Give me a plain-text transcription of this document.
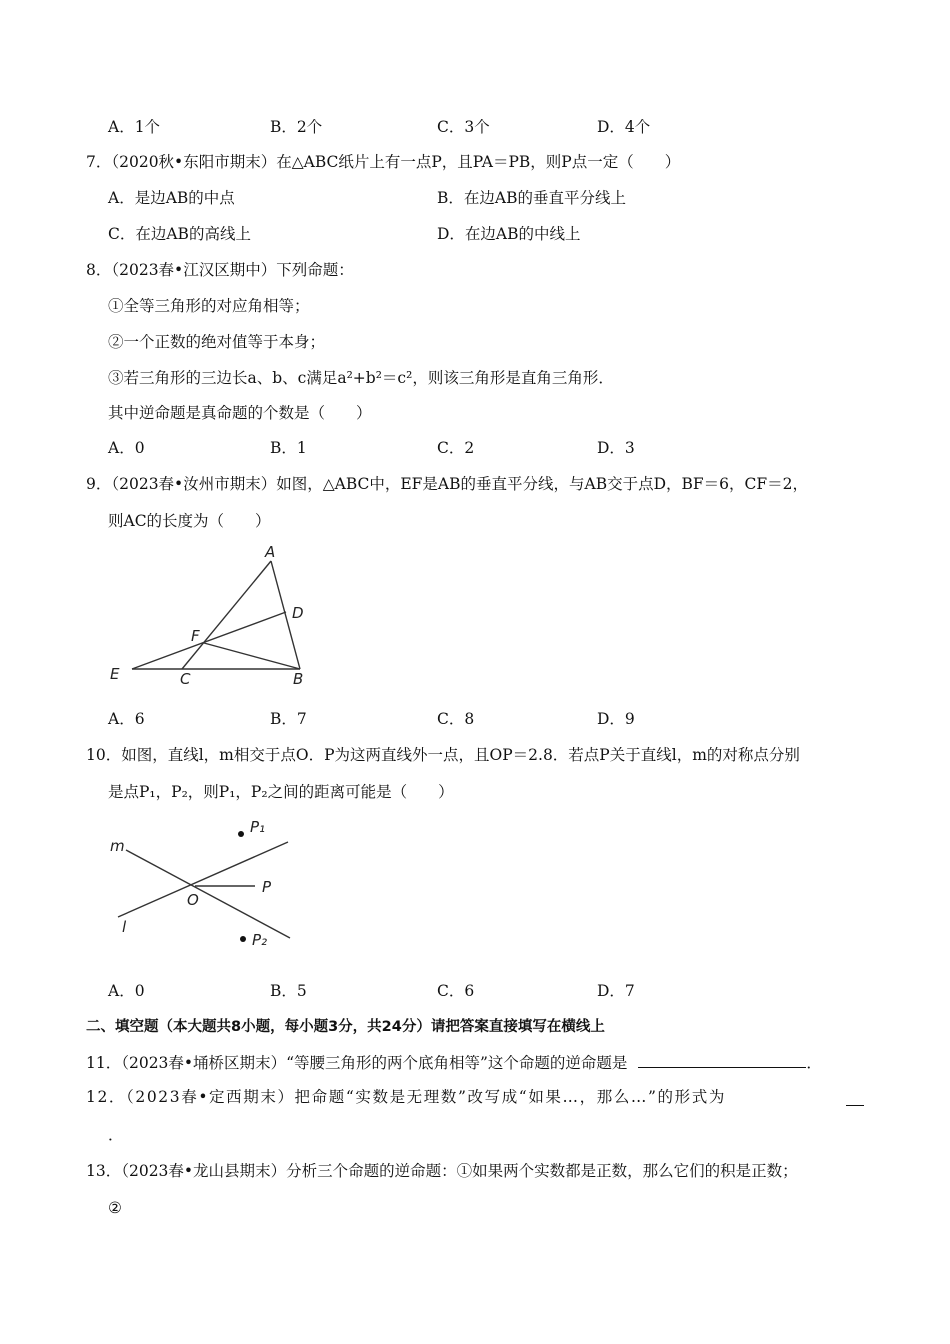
A．1个	B．2个	C．3个	D．4个
7．（2020秋•东阳市期末）在△ABC纸片上有一点P，且PA＝PB，则P点一定（　　）
A．是边AB的中点	B．在边AB的垂直平分线上
C．在边AB的高线上	D．在边AB的中线上
8．（2023春•江汉区期中）下列命题：
①全等三角形的对应角相等；
②一个正数的绝对值等于本身；
③若三角形的三边长a、b、c满足a²+b²＝c²，则该三角形是直角三角形．
其中逆命题是真命题的个数是（　　）
A．0	B．1	C．2	D．3
9．（2023春•汝州市期末）如图，△ABC中，EF是AB的垂直平分线，与AB交于点D，BF＝6，CF＝2，
则AC的长度为（　　）
A
D
F
E	C	B
A．6	B．7	C．8	D．9
10．如图，直线l，m相交于点O．P为这两直线外一点，且OP＝2.8．若点P关于直线l，m的对称点分别
是点P₁，P₂，则P₁，P₂之间的距离可能是（　　）
P₁
P₂
m
l
O
P
A．0	B．5	C．6	D．7
二、填空题（本大题共8小题，每小题3分，共24分）请把答案直接填写在横线上
11．（2023春•埇桥区期末）“等腰三角形的两个底角相等”这个命题的逆命题是	．
12．（2023春•定西期末）把命题“实数是无理数”改写成“如果…，那么…”的形式为
．
13．（2023春•龙山县期末）分析三个命题的逆命题：①如果两个实数都是正数，那么它们的积是正数；
②
